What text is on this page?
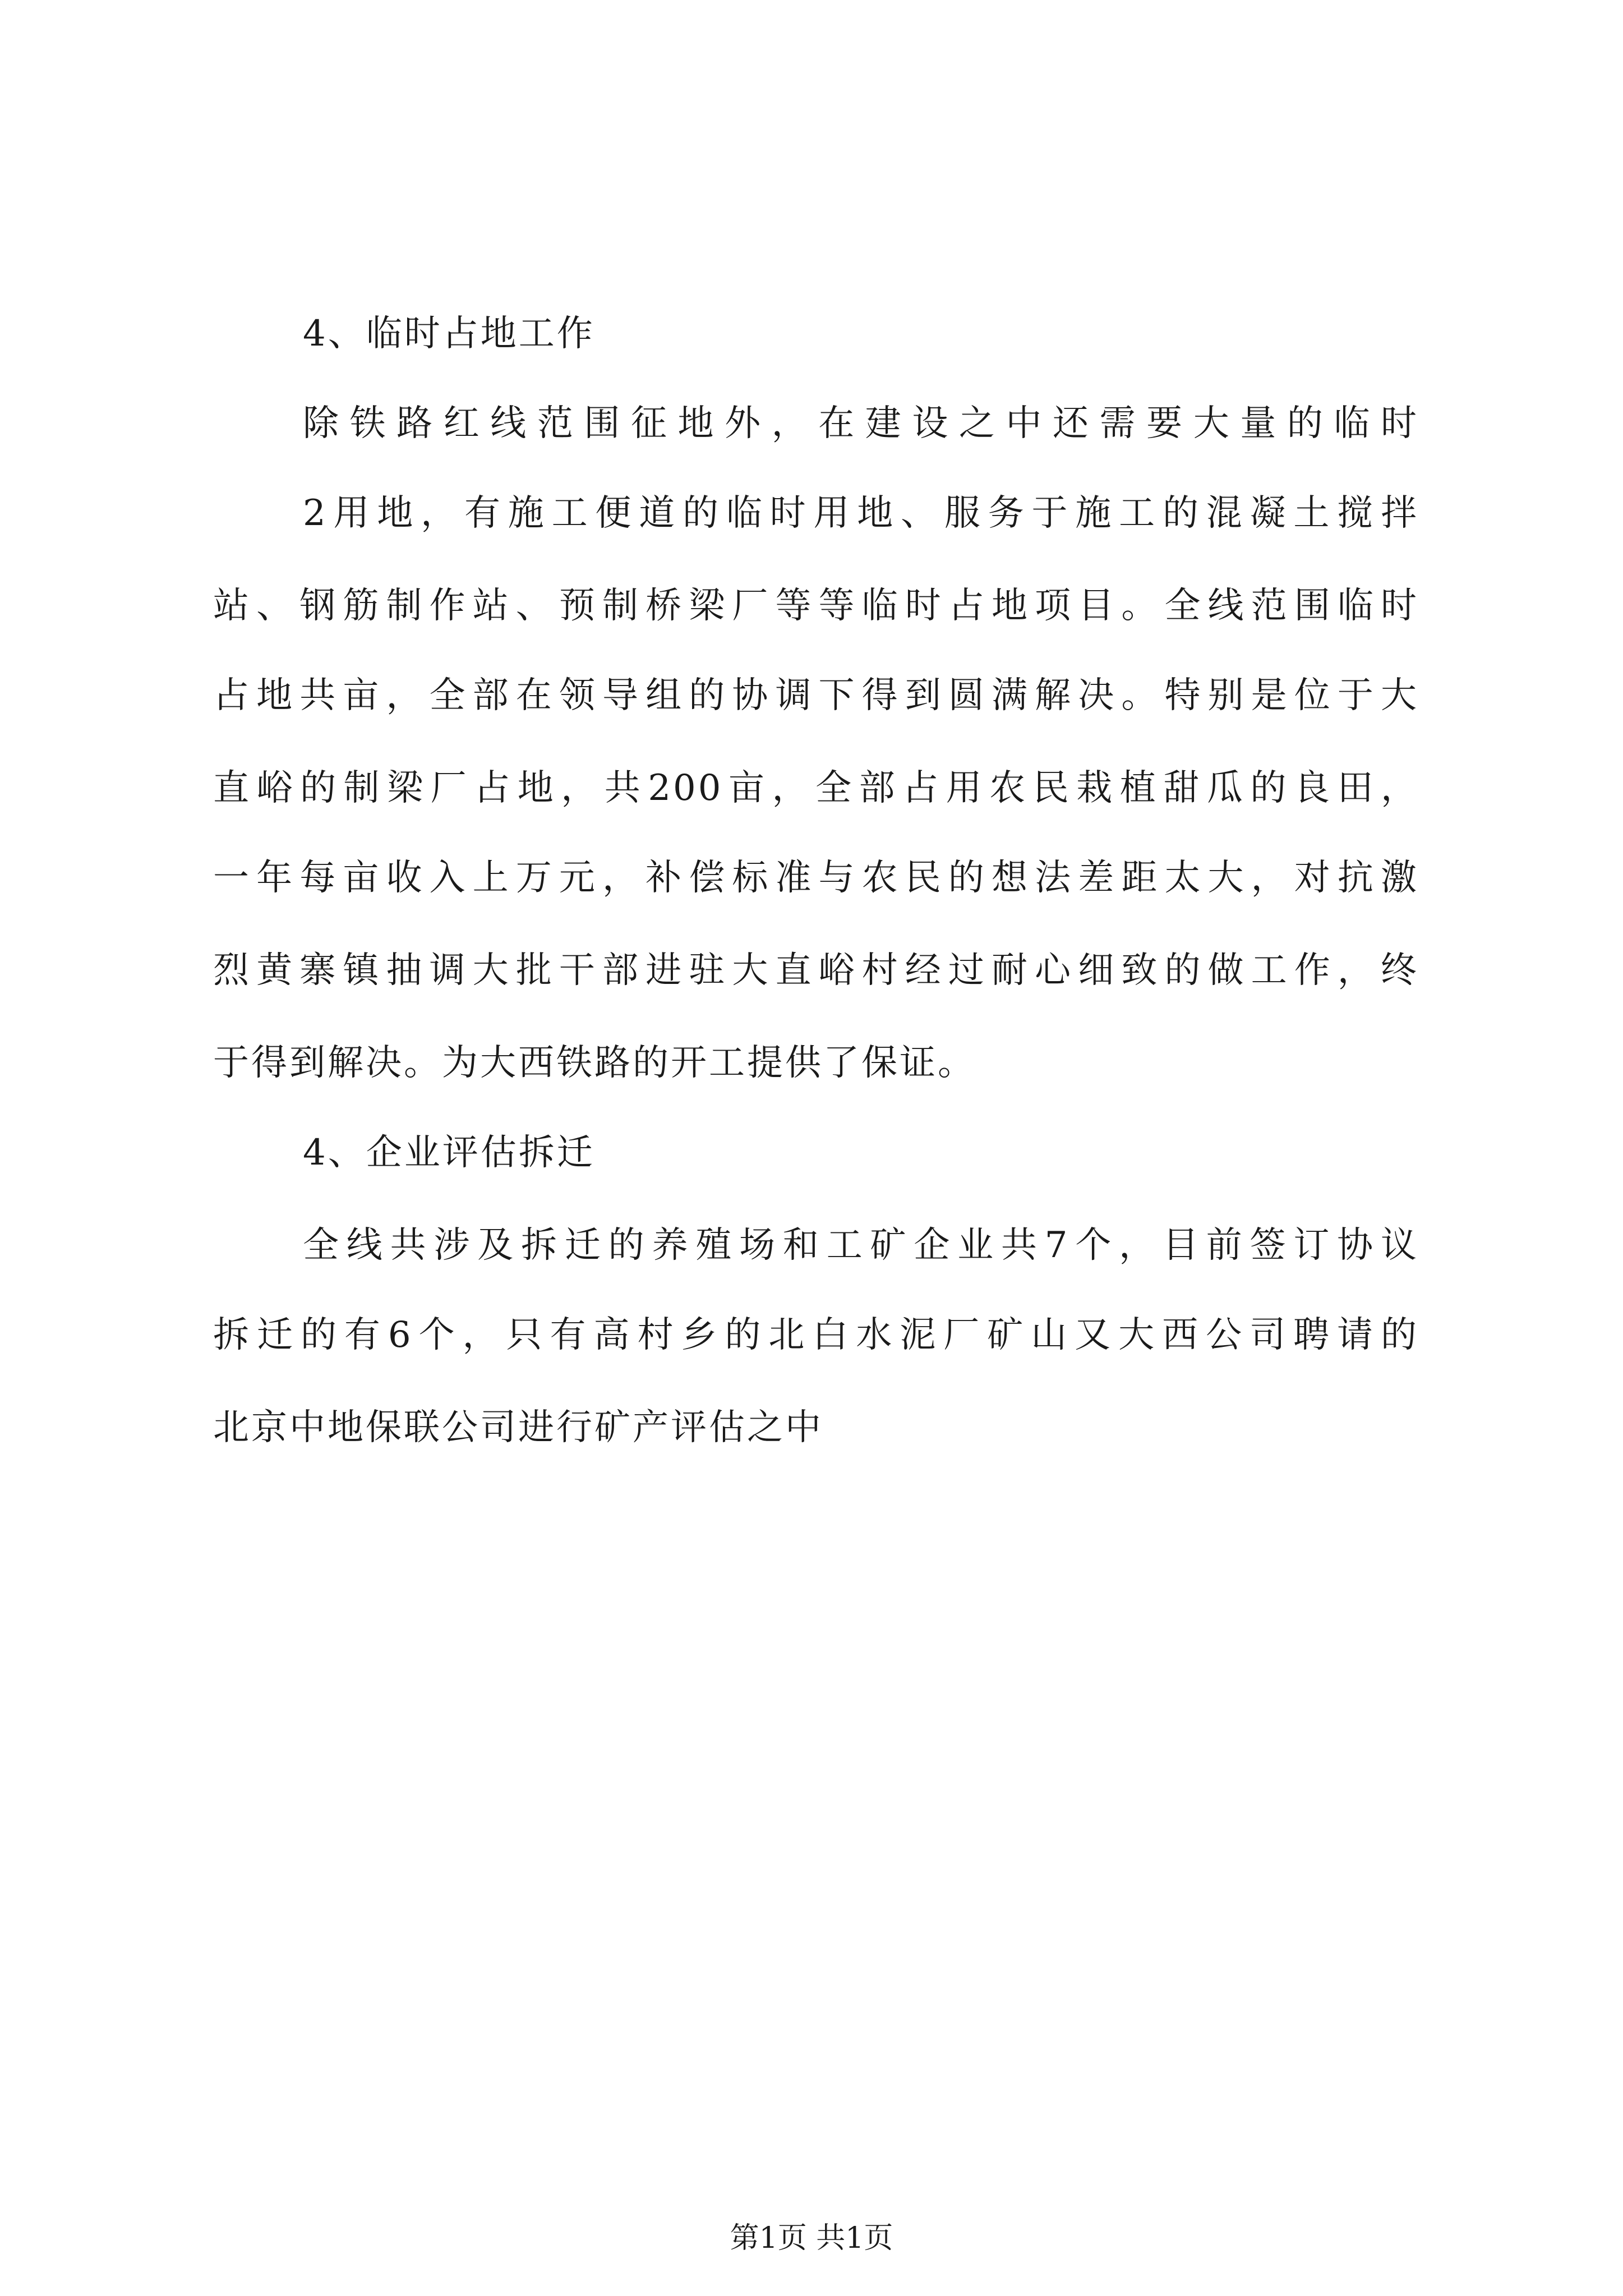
4、临时占地工作
除铁路红线范围征地外，在建设之中还需要大量的临时
2用地，有施工便道的临时用地、服务于施工的混凝土搅拌
站、钢筋制作站、预制桥梁厂等等临时占地项目。全线范围临时
占地共亩，全部在领导组的协调下得到圆满解决。特别是位于大
直峪的制梁厂占地，共200亩，全部占用农民栽植甜瓜的良田，
一年每亩收入上万元，补偿标准与农民的想法差距太大，对抗激
烈黄寨镇抽调大批干部进驻大直峪村经过耐心细致的做工作，终
于得到解决。为大西铁路的开工提供了保证。
4、企业评估拆迁
全线共涉及拆迁的养殖场和工矿企业共7个，目前签订协议
拆迁的有6个，只有高村乡的北白水泥厂矿山又大西公司聘请的
北京中地保联公司进行矿产评估之中
第1页 共1页
